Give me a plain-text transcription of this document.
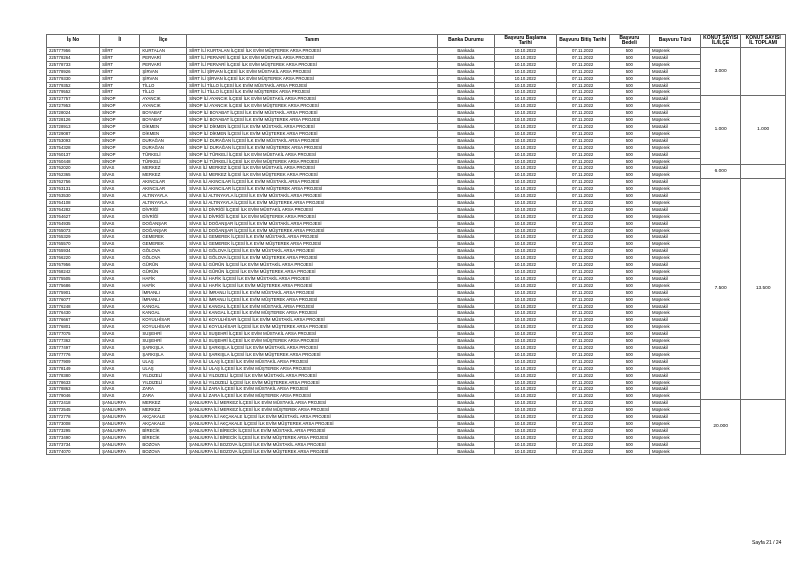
İş No	İl	İlçe	Tanım	Banka Durumu	Başvuru Başlama Tarihi	Başvuru Bitiş Tarihi	Başvuru Bedeli	Başvuru Türü	KONUT SAYISI İL/İLÇE	KONUT SAYISI İL TOPLAMI
225777956	SİİRT	KURTALAN	SİİRT İLİ KURTALAN İLÇESİ İLK EVİM MÜŞTEREK ARSA PROJESİ	Bankada	10.10.2022	07.11.2022	500	Müşterek	3.000	
225778264	SİİRT	PERVARİ	SİİRT İLİ PERVARİ İLÇESİ İLK EVİM MÜSTAKİL ARSA PROJESİ	Bankada	10.10.2022	07.11.2022	500	Müstakil		
225778733	SİİRT	PERVARİ	SİİRT İLİ PERVARİ İLÇESİ İLK EVİM MÜŞTEREK ARSA PROJESİ	Bankada	10.10.2022	07.11.2022	500	Müşterek		
225778926	SİİRT	ŞİRVAN	SİİRT İLİ ŞİRVAN İLÇESİ İLK EVİM MÜSTAKİL ARSA PROJESİ	Bankada	10.10.2022	07.11.2022	500	Müstakil		
225779330	SİİRT	ŞİRVAN	SİİRT İLİ ŞİRVAN İLÇESİ İLK EVİM MÜŞTEREK ARSA PROJESİ	Bankada	10.10.2022	07.11.2022	500	Müşterek		
225779352	SİİRT	TİLLO	SİİRT İLİ TİLLO İLÇESİ İLK EVİM MÜSTAKİL ARSA PROJESİ	Bankada	10.10.2022	07.11.2022	500	Müstakil		
225779552	SİİRT	TİLLO	SİİRT İLİ TİLLO İLÇESİ İLK EVİM MÜŞTEREK ARSA PROJESİ	Bankada	10.10.2022	07.11.2022	500	Müşterek		
225727757	SİNOP	AYANCIK	SİNOP İLİ AYANCIK İLÇESİ İLK EVİM MÜSTAKİL ARSA PROJESİ	Bankada	10.10.2022	07.11.2022	500	Müstakil	1.000	1.000
225727953	SİNOP	AYANCIK	SİNOP İLİ AYANCIK İLÇESİ İLK EVİM MÜŞTEREK ARSA PROJESİ	Bankada	10.10.2022	07.11.2022	500	Müşterek		
225728024	SİNOP	BOYABAT	SİNOP İLİ BOYABAT İLÇESİ İLK EVİM MÜSTAKİL ARSA PROJESİ	Bankada	10.10.2022	07.11.2022	500	Müstakil		
225728126	SİNOP	BOYABAT	SİNOP İLİ BOYABAT İLÇESİ İLK EVİM MÜŞTEREK ARSA PROJESİ	Bankada	10.10.2022	07.11.2022	500	Müşterek		
225728913	SİNOP	DİKMEN	SİNOP İLİ DİKMEN İLÇESİ İLK EVİM MÜSTAKİL ARSA PROJESİ	Bankada	10.10.2022	07.11.2022	500	Müstakil		
225729087	SİNOP	DİKMEN	SİNOP İLİ DİKMEN İLÇESİ İLK EVİM MÜŞTEREK ARSA PROJESİ	Bankada	10.10.2022	07.11.2022	500	Müşterek		
225753093	SİNOP	DURAĞAN	SİNOP İLİ DURAĞAN İLÇESİ İLK EVİM MÜSTAKİL ARSA PROJESİ	Bankada	10.10.2022	07.11.2022	500	Müstakil		
225754328	SİNOP	DURAĞAN	SİNOP İLİ DURAĞAN İLÇESİ İLK EVİM MÜŞTEREK ARSA PROJESİ	Bankada	10.10.2022	07.11.2022	500	Müşterek		
225760137	SİNOP	TÜRKELİ	SİNOP İLİ TÜRKELİ İLÇESİ İLK EVİM MÜSTAKİL ARSA PROJESİ	Bankada	10.10.2022	07.11.2022	500	Müstakil		
225760448	SİNOP	TÜRKELİ	SİNOP İLİ TÜRKELİ İLÇESİ İLK EVİM MÜŞTEREK ARSA PROJESİ	Bankada	10.10.2022	07.11.2022	500	Müşterek		
225762020	SİVAS	MERKEZ	SİVAS İLİ MERKEZ İLÇESİ İLK EVİM MÜSTAKİL ARSA PROJESİ	Bankada	10.10.2022	07.11.2022	500	Müstakil	6.000	
225762365	SİVAS	MERKEZ	SİVAS İLİ MERKEZ İLÇESİ İLK EVİM MÜŞTEREK ARSA PROJESİ	Bankada	10.10.2022	07.11.2022	500	Müşterek		
225762756	SİVAS	AKINCILAR	SİVAS İLİ AKINCILAR İLÇESİ İLK EVİM MÜSTAKİL ARSA PROJESİ	Bankada	10.10.2022	07.11.2022	500	Müstakil	7.500	13.500
225763131	SİVAS	AKINCILAR	SİVAS İLİ AKINCILAR İLÇESİ İLK EVİM MÜŞTEREK ARSA PROJESİ	Bankada	10.10.2022	07.11.2022	500	Müşterek		
225763530	SİVAS	ALTINYAYLA	SİVAS İLİ ALTINYAYLA İLÇESİ İLK EVİM MÜSTAKİL ARSA PROJESİ	Bankada	10.10.2022	07.11.2022	500	Müstakil		
225764108	SİVAS	ALTINYAYLA	SİVAS İLİ ALTINYAYLA İLÇESİ İLK EVİM MÜŞTEREK ARSA PROJESİ	Bankada	10.10.2022	07.11.2022	500	Müşterek		
225764282	SİVAS	DİVRİĞİ	SİVAS İLİ DİVRİĞİ İLÇESİ İLK EVİM MÜSTAKİL ARSA PROJESİ	Bankada	10.10.2022	07.11.2022	500	Müstakil		
225764627	SİVAS	DİVRİĞİ	SİVAS İLİ DİVRİĞİ İLÇESİ İLK EVİM MÜŞTEREK ARSA PROJESİ	Bankada	10.10.2022	07.11.2022	500	Müşterek		
225764935	SİVAS	DOĞANŞAR	SİVAS İLİ DOĞANŞAR İLÇESİ İLK EVİM MÜSTAKİL ARSA PROJESİ	Bankada	10.10.2022	07.11.2022	500	Müstakil		
225765073	SİVAS	DOĞANŞAR	SİVAS İLİ DOĞANŞAR İLÇESİ İLK EVİM MÜŞTEREK ARSA PROJESİ	Bankada	10.10.2022	07.11.2022	500	Müşterek		
225765329	SİVAS	GEMEREK	SİVAS İLİ GEMEREK İLÇESİ İLK EVİM MÜSTAKİL ARSA PROJESİ	Bankada	10.10.2022	07.11.2022	500	Müstakil		
225765570	SİVAS	GEMEREK	SİVAS İLİ GEMEREK İLÇESİ İLK EVİM MÜŞTEREK ARSA PROJESİ	Bankada	10.10.2022	07.11.2022	500	Müşterek		
225765934	SİVAS	GÖLOVA	SİVAS İLİ GÖLOVA İLÇESİ İLK EVİM MÜSTAKİL ARSA PROJESİ	Bankada	10.10.2022	07.11.2022	500	Müstakil		
225766220	SİVAS	GÖLOVA	SİVAS İLİ GÖLOVA İLÇESİ İLK EVİM MÜŞTEREK ARSA PROJESİ	Bankada	10.10.2022	07.11.2022	500	Müşterek		
225767956	SİVAS	GÜRÜN	SİVAS İLİ GÜRÜN İLÇESİ İLK EVİM MÜSTAKİL ARSA PROJESİ	Bankada	10.10.2022	07.11.2022	500	Müstakil		
225768242	SİVAS	GÜRÜN	SİVAS İLİ GÜRÜN İLÇESİ İLK EVİM MÜŞTEREK ARSA PROJESİ	Bankada	10.10.2022	07.11.2022	500	Müşterek		
225775505	SİVAS	HAFİK	SİVAS İLİ HAFİK İLÇESİ İLK EVİM MÜSTAKİL ARSA PROJESİ	Bankada	10.10.2022	07.11.2022	500	Müstakil		
225775686	SİVAS	HAFİK	SİVAS İLİ HAFİK İLÇESİ İLK EVİM MÜŞTEREK ARSA PROJESİ	Bankada	10.10.2022	07.11.2022	500	Müşterek		
225775901	SİVAS	İMRANLI	SİVAS İLİ İMRANLI İLÇESİ İLK EVİM MÜSTAKİL ARSA PROJESİ	Bankada	10.10.2022	07.11.2022	500	Müstakil		
225776077	SİVAS	İMRANLI	SİVAS İLİ İMRANLI İLÇESİ İLK EVİM MÜŞTEREK ARSA PROJESİ	Bankada	10.10.2022	07.11.2022	500	Müşterek		
225776248	SİVAS	KANGAL	SİVAS İLİ KANGAL İLÇESİ İLK EVİM MÜSTAKİL ARSA PROJESİ	Bankada	10.10.2022	07.11.2022	500	Müstakil		
225776430	SİVAS	KANGAL	SİVAS İLİ KANGAL İLÇESİ İLK EVİM MÜŞTEREK ARSA PROJESİ	Bankada	10.10.2022	07.11.2022	500	Müşterek		
225776667	SİVAS	KOYULHİSAR	SİVAS İLİ KOYULHİSAR İLÇESİ İLK EVİM MÜSTAKİL ARSA PROJESİ	Bankada	10.10.2022	07.11.2022	500	Müstakil		
225776801	SİVAS	KOYULHİSAR	SİVAS İLİ KOYULHİSAR İLÇESİ İLK EVİM MÜŞTEREK ARSA PROJESİ	Bankada	10.10.2022	07.11.2022	500	Müşterek		
225777075	SİVAS	SUŞEHRİ	SİVAS İLİ SUŞEHRİ İLÇESİ İLK EVİM MÜSTAKİL ARSA PROJESİ	Bankada	10.10.2022	07.11.2022	500	Müstakil		
225777362	SİVAS	SUŞEHRİ	SİVAS İLİ SUŞEHRİ İLÇESİ İLK EVİM MÜŞTEREK ARSA PROJESİ	Bankada	10.10.2022	07.11.2022	500	Müşterek		
225777497	SİVAS	ŞARKIŞLA	SİVAS İLİ ŞARKIŞLA İLÇESİ İLK EVİM MÜSTAKİL ARSA PROJESİ	Bankada	10.10.2022	07.11.2022	500	Müstakil		
225777776	SİVAS	ŞARKIŞLA	SİVAS İLİ ŞARKIŞLA İLÇESİ İLK EVİM MÜŞTEREK ARSA PROJESİ	Bankada	10.10.2022	07.11.2022	500	Müşterek		
225777909	SİVAS	ULAŞ	SİVAS İLİ ULAŞ İLÇESİ İLK EVİM MÜSTAKİL ARSA PROJESİ	Bankada	10.10.2022	07.11.2022	500	Müstakil		
225778149	SİVAS	ULAŞ	SİVAS İLİ ULAŞ İLÇESİ İLK EVİM MÜŞTEREK ARSA PROJESİ	Bankada	10.10.2022	07.11.2022	500	Müşterek		
225778380	SİVAS	YILDIZELİ	SİVAS İLİ YILDIZELİ İLÇESİ İLK EVİM MÜSTAKİL ARSA PROJESİ	Bankada	10.10.2022	07.11.2022	500	Müstakil		
225778633	SİVAS	YILDIZELİ	SİVAS İLİ YILDIZELİ İLÇESİ İLK EVİM MÜŞTEREK ARSA PROJESİ	Bankada	10.10.2022	07.11.2022	500	Müşterek		
225778863	SİVAS	ZARA	SİVAS İLİ ZARA İLÇESİ İLK EVİM MÜSTAKİL ARSA PROJESİ	Bankada	10.10.2022	07.11.2022	500	Müstakil		
225779046	SİVAS	ZARA	SİVAS İLİ ZARA İLÇESİ İLK EVİM MÜŞTEREK ARSA PROJESİ	Bankada	10.10.2022	07.11.2022	500	Müşterek		
225772418	ŞANLIURFA	MERKEZ	ŞANLIURFA İLİ MERKEZ İLÇESİ İLK EVİM MÜSTAKİL ARSA PROJESİ	Bankada	10.10.2022	07.11.2022	500	Müstakil	20.000	
225772545	ŞANLIURFA	MERKEZ	ŞANLIURFA İLİ MERKEZ İLÇESİ İLK EVİM MÜŞTEREK ARSA PROJESİ	Bankada	10.10.2022	07.11.2022	500	Müşterek		
225772778	ŞANLIURFA	AKÇAKALE	ŞANLIURFA İLİ AKÇAKALE İLÇESİ İLK EVİM MÜSTAKİL ARSA PROJESİ	Bankada	10.10.2022	07.11.2022	500	Müstakil		
225773008	ŞANLIURFA	AKÇAKALE	ŞANLIURFA İLİ AKÇAKALE İLÇESİ İLK EVİM MÜŞTEREK ARSA PROJESİ	Bankada	10.10.2022	07.11.2022	500	Müşterek		
225773295	ŞANLIURFA	BİRECİK	ŞANLIURFA İLİ BİRECİK İLÇESİ İLK EVİM MÜSTAKİL ARSA PROJESİ	Bankada	10.10.2022	07.11.2022	500	Müstakil		
225773490	ŞANLIURFA	BİRECİK	ŞANLIURFA İLİ BİRECİK İLÇESİ İLK EVİM MÜŞTEREK ARSA PROJESİ	Bankada	10.10.2022	07.11.2022	500	Müşterek		
225773734	ŞANLIURFA	BOZOVA	ŞANLIURFA İLİ BOZOVA İLÇESİ İLK EVİM MÜSTAKİL ARSA PROJESİ	Bankada	10.10.2022	07.11.2022	500	Müstakil		
225774070	ŞANLIURFA	BOZOVA	ŞANLIURFA İLİ BOZOVA İLÇESİ İLK EVİM MÜŞTEREK ARSA PROJESİ	Bankada	10.10.2022	07.11.2022	500	Müşterek		
Sayfa 21 / 24
